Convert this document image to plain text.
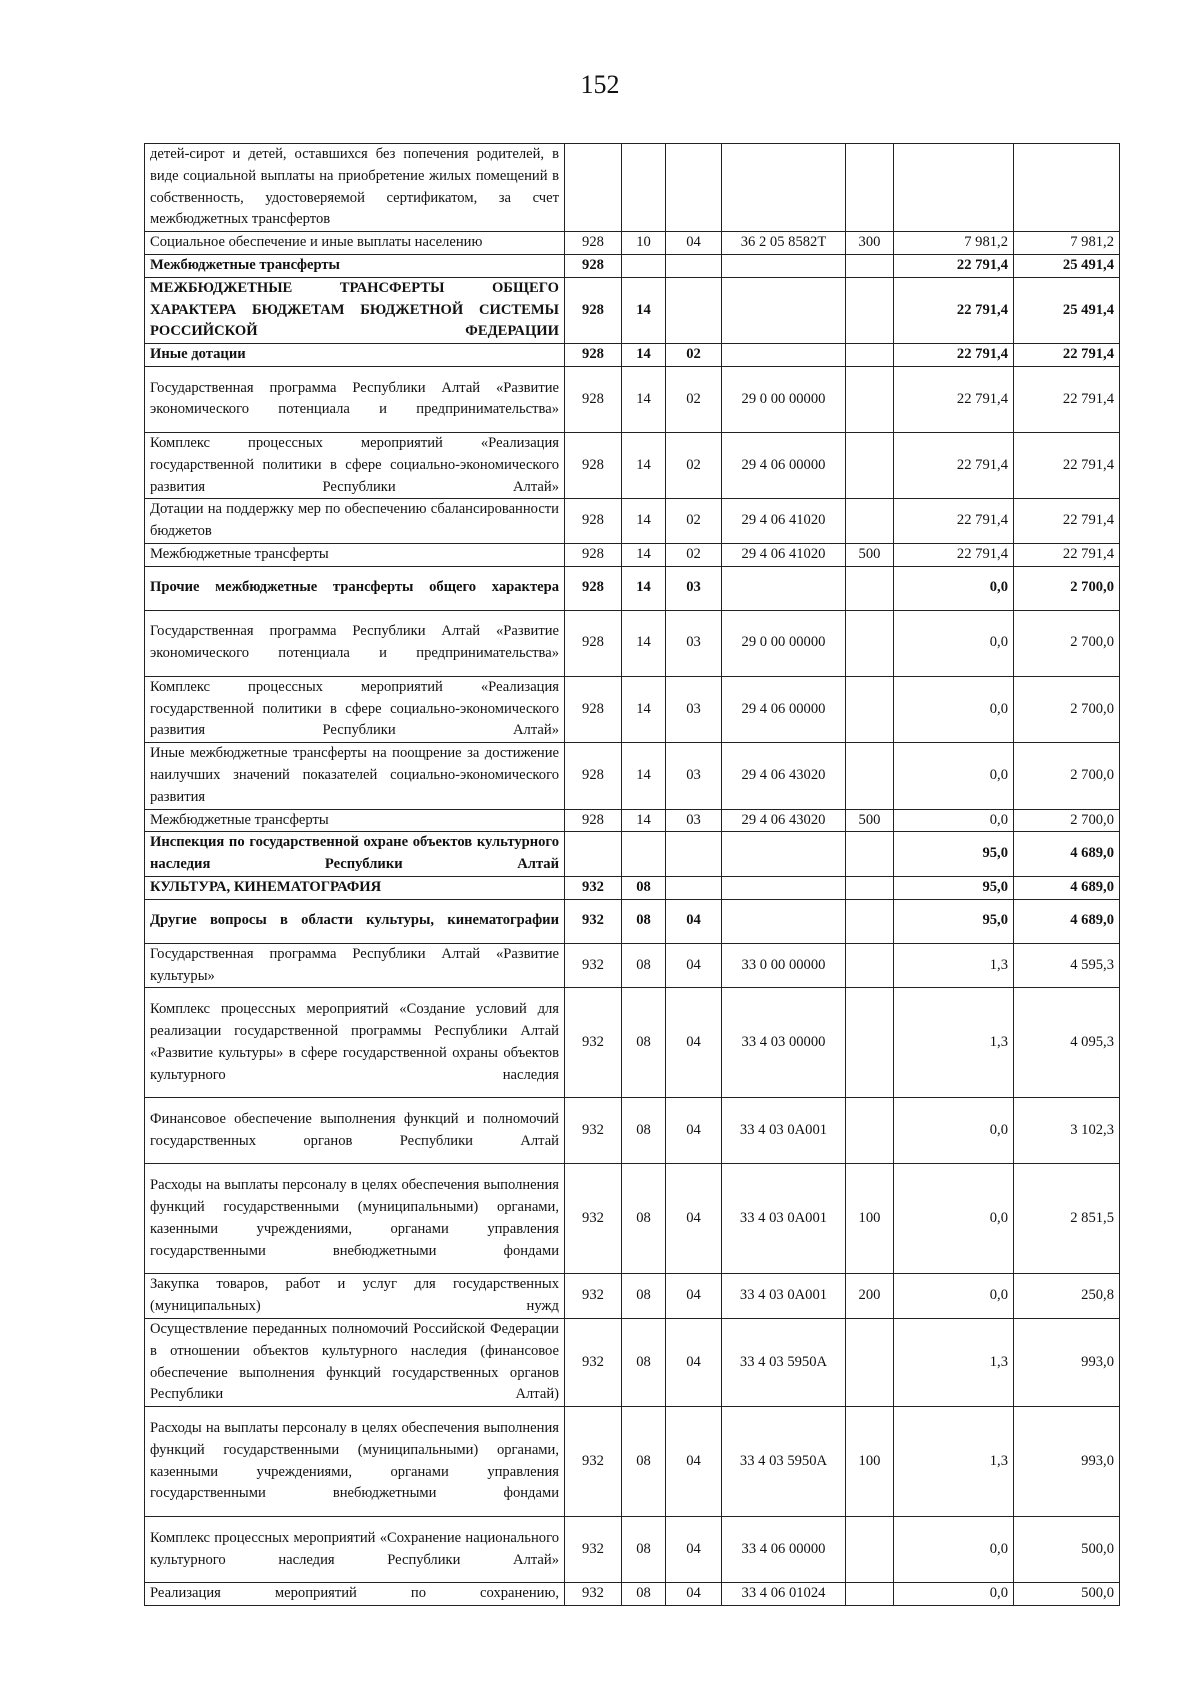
152
детей-сирот и детей, оставшихся без попечения родителей, в виде социальной выплаты на приобретение жилых помещений в собственность, удостоверяемой сертификатом, за счет межбюджетных трансфертов							
Социальное обеспечение и иные выплаты населению	928	10	04	36 2 05 8582Т	300	7 981,2	7 981,2
Межбюджетные трансферты	928					22 791,4	25 491,4
МЕЖБЮДЖЕТНЫЕ ТРАНСФЕРТЫ ОБЩЕГО ХАРАКТЕРА БЮДЖЕТАМ БЮДЖЕТНОЙ СИСТЕМЫ РОССИЙСКОЙ ФЕДЕРАЦИИ	928	14				22 791,4	25 491,4
Иные дотации	928	14	02			22 791,4	22 791,4
Государственная программа Республики Алтай «Развитие экономического потенциала и предпринимательства»	928	14	02	29 0 00 00000		22 791,4	22 791,4
Комплекс процессных мероприятий «Реализация государственной политики в сфере социально-экономического развития Республики Алтай»	928	14	02	29 4 06 00000		22 791,4	22 791,4
Дотации на поддержку мер по обеспечению сбалансированности бюджетов	928	14	02	29 4 06 41020		22 791,4	22 791,4
Межбюджетные трансферты	928	14	02	29 4 06 41020	500	22 791,4	22 791,4
Прочие межбюджетные трансферты общего характера	928	14	03			0,0	2 700,0
Государственная программа Республики Алтай «Развитие экономического потенциала и предпринимательства»	928	14	03	29 0 00 00000		0,0	2 700,0
Комплекс процессных мероприятий «Реализация государственной политики в сфере социально-экономического развития Республики Алтай»	928	14	03	29 4 06 00000		0,0	2 700,0
Иные межбюджетные трансферты на поощрение за достижение наилучших значений показателей социально-экономического развития	928	14	03	29 4 06 43020		0,0	2 700,0
Межбюджетные трансферты	928	14	03	29 4 06 43020	500	0,0	2 700,0
Инспекция по государственной охране объектов культурного наследия Республики Алтай						95,0	4 689,0
КУЛЬТУРА, КИНЕМАТОГРАФИЯ	932	08				95,0	4 689,0
Другие вопросы в области культуры, кинематографии	932	08	04			95,0	4 689,0
Государственная программа Республики Алтай «Развитие культуры»	932	08	04	33 0 00 00000		1,3	4 595,3
Комплекс процессных мероприятий «Создание условий для реализации государственной программы Республики Алтай «Развитие культуры» в сфере государственной охраны объектов культурного наследия	932	08	04	33 4 03 00000		1,3	4 095,3
Финансовое обеспечение выполнения функций и полномочий государственных органов Республики Алтай	932	08	04	33 4 03 0А001		0,0	3 102,3
Расходы на выплаты персоналу в целях обеспечения выполнения функций государственными (муниципальными) органами, казенными учреждениями, органами управления государственными внебюджетными фондами	932	08	04	33 4 03 0А001	100	0,0	2 851,5
Закупка товаров, работ и услуг для государственных (муниципальных) нужд	932	08	04	33 4 03 0А001	200	0,0	250,8
Осуществление переданных полномочий Российской Федерации в отношении объектов культурного наследия (финансовое обеспечение выполнения функций государственных органов Республики Алтай)	932	08	04	33 4 03 5950А		1,3	993,0
Расходы на выплаты персоналу в целях обеспечения выполнения функций государственными (муниципальными) органами, казенными учреждениями, органами управления государственными внебюджетными фондами	932	08	04	33 4 03 5950А	100	1,3	993,0
Комплекс процессных мероприятий «Сохранение национального культурного наследия Республики Алтай»	932	08	04	33 4 06 00000		0,0	500,0
Реализация мероприятий по сохранению,	932	08	04	33 4 06 01024		0,0	500,0
